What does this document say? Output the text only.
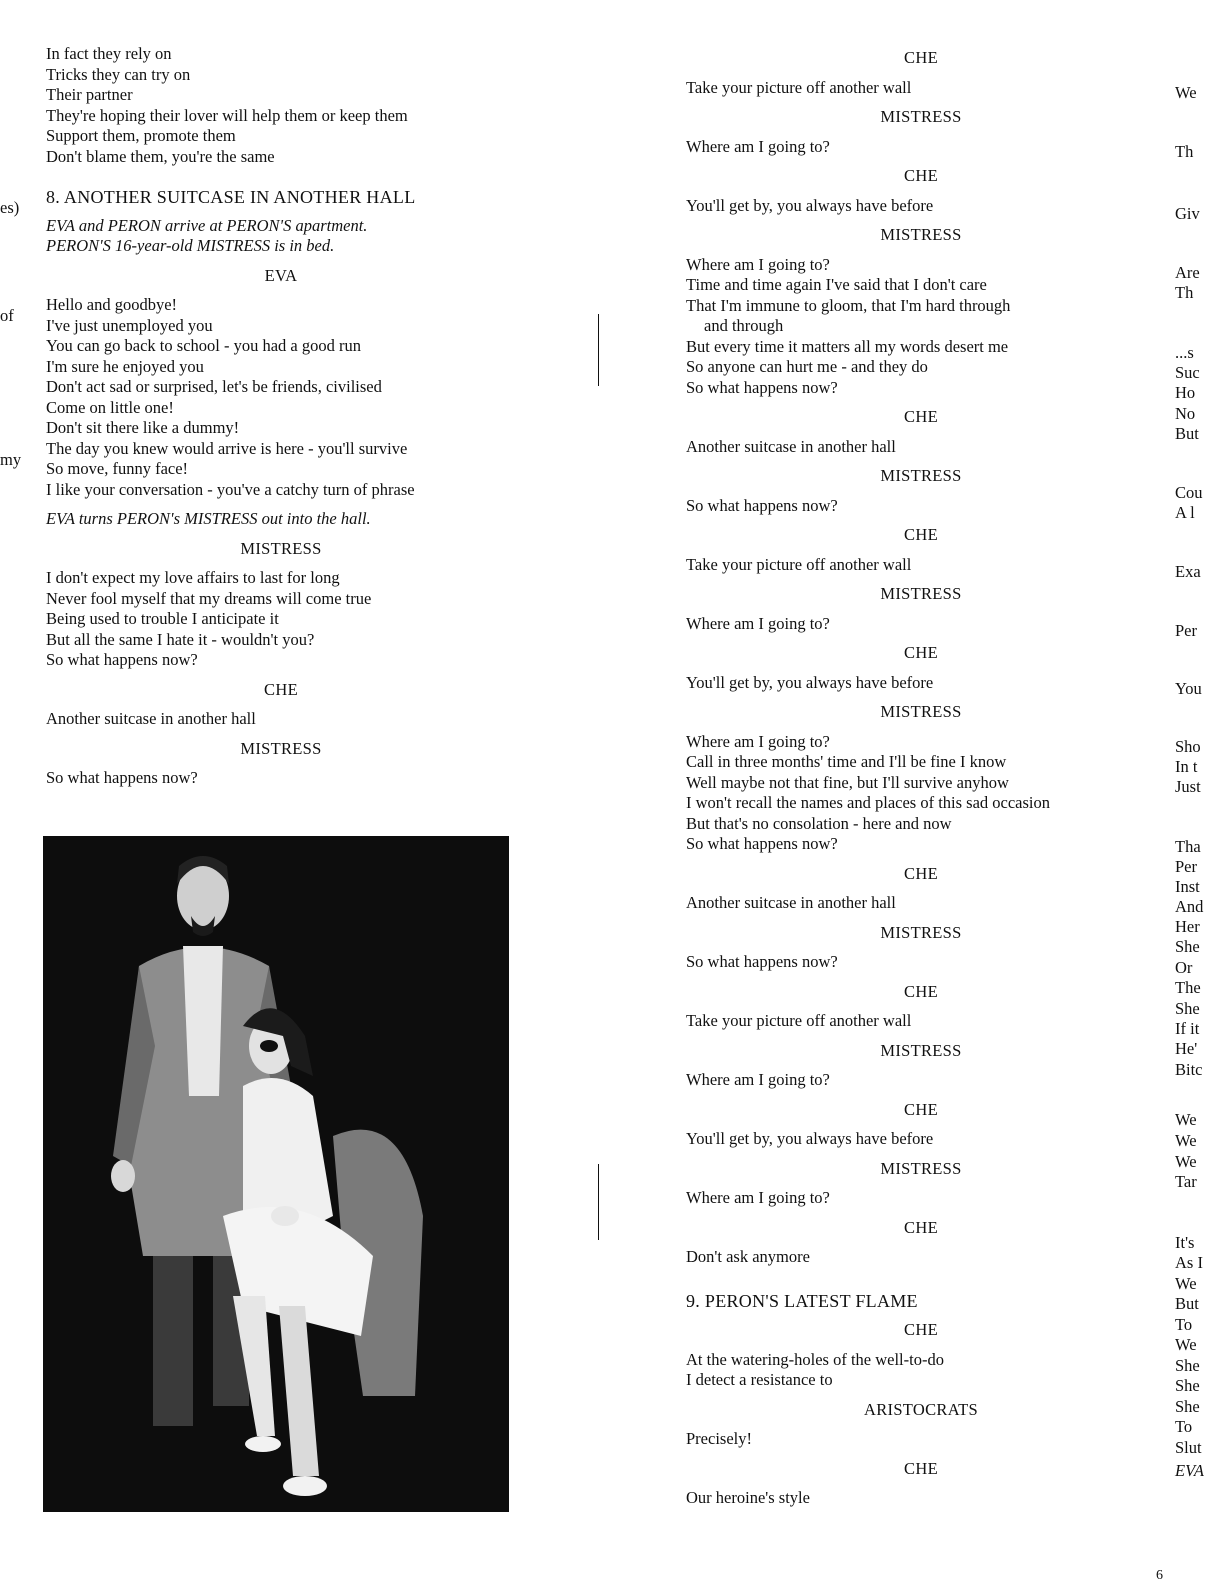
es)
of
my
In fact they rely on
Tricks they can try on
Their partner
They're hoping their lover will help them or keep them
Support them, promote them
Don't blame them, you're the same
8. ANOTHER SUITCASE IN ANOTHER HALL
EVA and PERON arrive at PERON'S apartment.
PERON'S 16-year-old MISTRESS is in bed.
EVA
Hello and goodbye!
I've just unemployed you
You can go back to school - you had a good run
I'm sure he enjoyed you
Don't act sad or surprised, let's be friends, civilised
Come on little one!
Don't sit there like a dummy!
The day you knew would arrive is here - you'll survive
So move, funny face!
I like your conversation - you've a catchy turn of phrase
EVA turns PERON's MISTRESS out into the hall.
MISTRESS
I don't expect my love affairs to last for long
Never fool myself that my dreams will come true
Being used to trouble I anticipate it
But all the same I hate it - wouldn't you?
So what happens now?
CHE
Another suitcase in another hall
MISTRESS
So what happens now?
CHE
Take your picture off another wall
MISTRESS
Where am I going to?
CHE
You'll get by, you always have before
MISTRESS
Where am I going to?
Time and time again I've said that I don't care
That I'm immune to gloom, that I'm hard through
and through
But every time it matters all my words desert me
So anyone can hurt me - and they do
So what happens now?
CHE
Another suitcase in another hall
MISTRESS
So what happens now?
CHE
Take your picture off another wall
MISTRESS
Where am I going to?
CHE
You'll get by, you always have before
MISTRESS
Where am I going to?
Call in three months' time and I'll be fine I know
Well maybe not that fine, but I'll survive anyhow
I won't recall the names and places of this sad occasion
But that's no consolation - here and now
So what happens now?
CHE
Another suitcase in another hall
MISTRESS
So what happens now?
CHE
Take your picture off another wall
MISTRESS
Where am I going to?
CHE
You'll get by, you always have before
MISTRESS
Where am I going to?
CHE
Don't ask anymore
9. PERON'S LATEST FLAME
CHE
At the watering-holes of the well-to-do
I detect a resistance to
ARISTOCRATS
Precisely!
CHE
Our heroine's style
We
Th
Giv
Are
Th
...s
Suc
Ho
No
But
Cou
A l
Exa
Per
You
Sho
In t
Just
Tha
Per
Inst
And
Her
She
Or
The
She
If it
He'
Bitc
We
We
We
Tar
It's
As I
We
But
To
We
She
She
She
To
Slut
EVA
6
